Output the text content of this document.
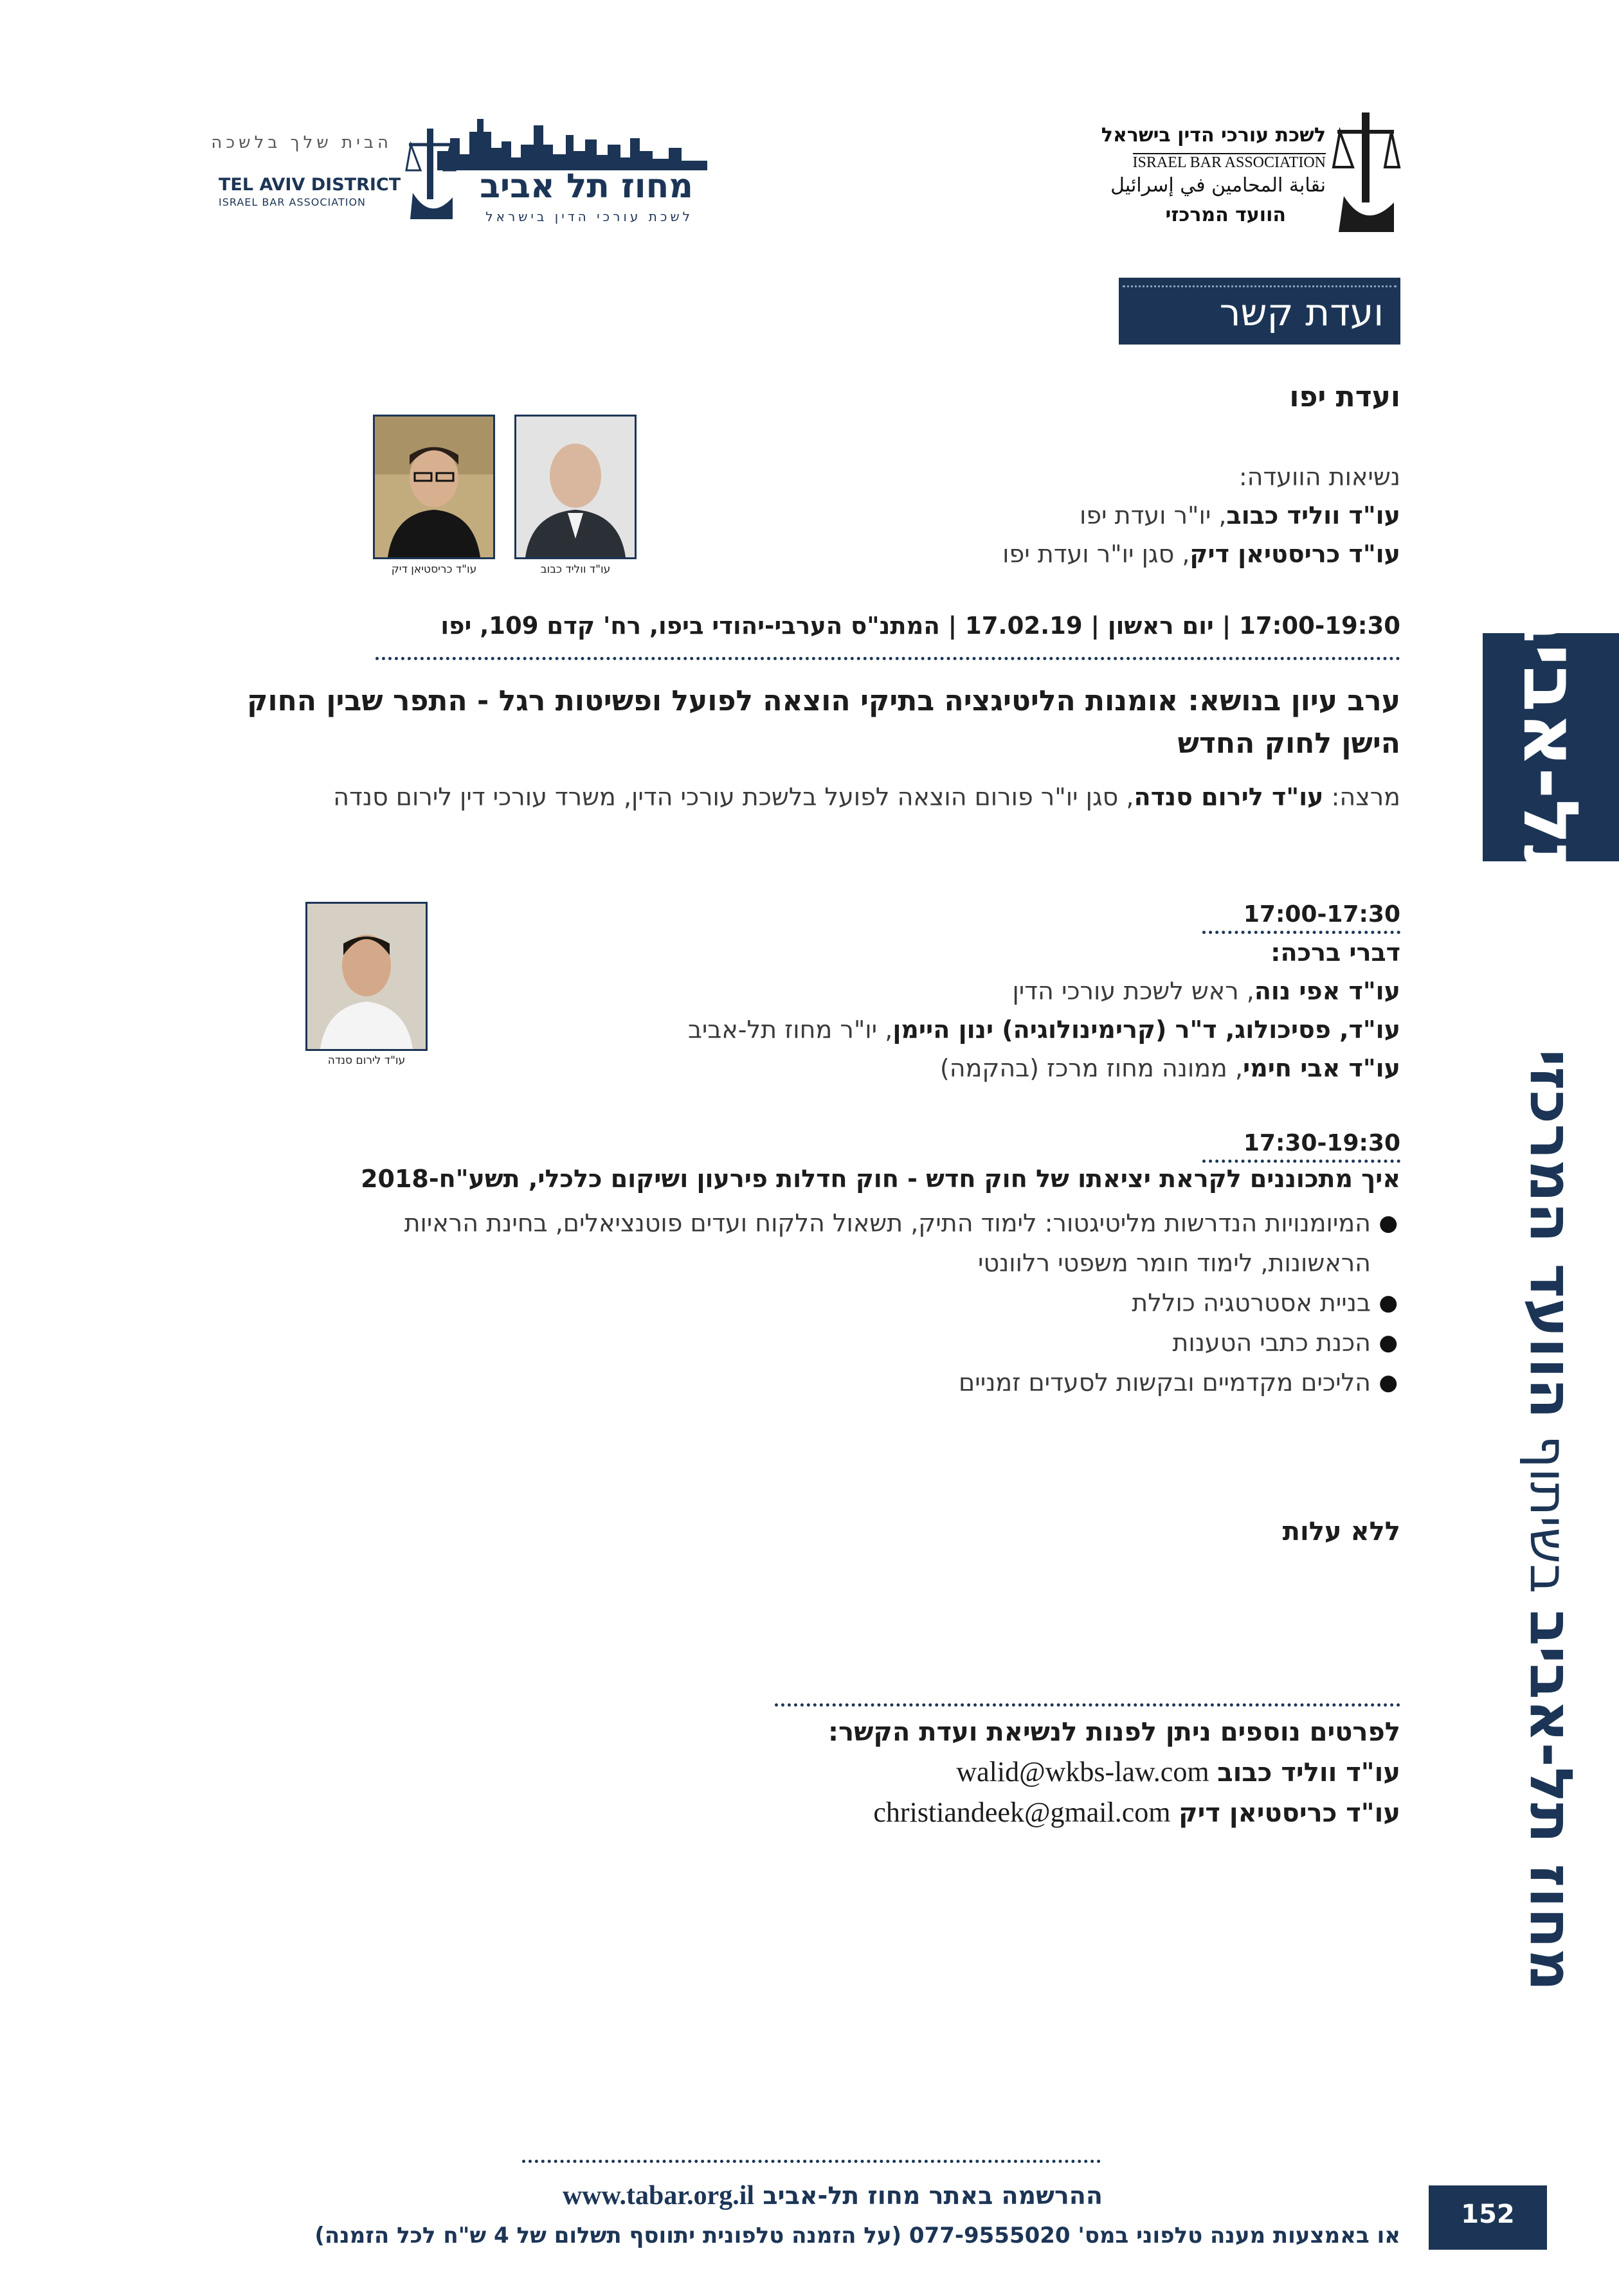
לשכת עורכי הדין בישראל
ISRAEL BAR ASSOCIATION
نقابة المحامين في إسرائيل
הוועד המרכזי
הבית שלך בלשכה
TEL AVIV DISTRICT
ISRAEL BAR ASSOCIATION	מחוז תל אביב
לשכת עורכי הדין בישראל
ועדת קשר
ועדת יפו
נשיאות הוועדה:
עו"ד ווליד כבוב, יו"ר ועדת יפו
עו"ד כריסטיאן דיק, סגן יו"ר ועדת יפו
עו"ד כריסטיאן דיק	עו"ד ווליד כבוב
17:00-19:30 | יום ראשון | 17.02.19 | המתנ"ס הערבי-יהודי ביפו, רח' קדם 109, יפו
ערב עיון בנושא: אומנות הליטיגציה בתיקי הוצאה לפועל ופשיטות רגל - התפר שבין החוק הישן לחוק החדש
מרצה: עו"ד לירום סנדה, סגן יו"ר פורום הוצאה לפועל בלשכת עורכי הדין, משרד עורכי דין לירום סנדה
עו"ד לירום סנדה
17:00-17:30
דברי ברכה:
עו"ד אפי נוה, ראש לשכת עורכי הדין
עו"ד, פסיכולוג, ד"ר (קרימינולוגיה) ינון היימן, יו"ר מחוז תל-אביב
עו"ד אבי חימי, ממונה מחוז מרכז (בהקמה)
17:30-19:30
איך מתכוננים לקראת יציאתו של חוק חדש - חוק חדלות פירעון ושיקום כלכלי, תשע"ח-2018
● המיומנויות הנדרשות מליטיגטור: לימוד התיק, תשאול הלקוח ועדים פוטנציאלים, בחינת הראיות הראשונות, לימוד חומר משפטי רלוונטי
● בניית אסטרטגיה כוללת
● הכנת כתבי הטענות
● הליכים מקדמיים ובקשות לסעדים זמניים
ללא עלות
לפרטים נוספים ניתן לפנות לנשיאת ועדת הקשר:
עו"ד ווליד כבוב walid@wkbs-law.com
עו"ד כריסטיאן דיק christiandeek@gmail.com
ההרשמה באתר מחוז תל-אביב www.tabar.org.il
או באמצעות מענה טלפוני במס' 077-9555020 (על הזמנה טלפונית יתווסף תשלום של 4 ש"ח לכל הזמנה)
152
תל-אביב
מחוז תל-אביב בשיתוף הוועד המרכזי
